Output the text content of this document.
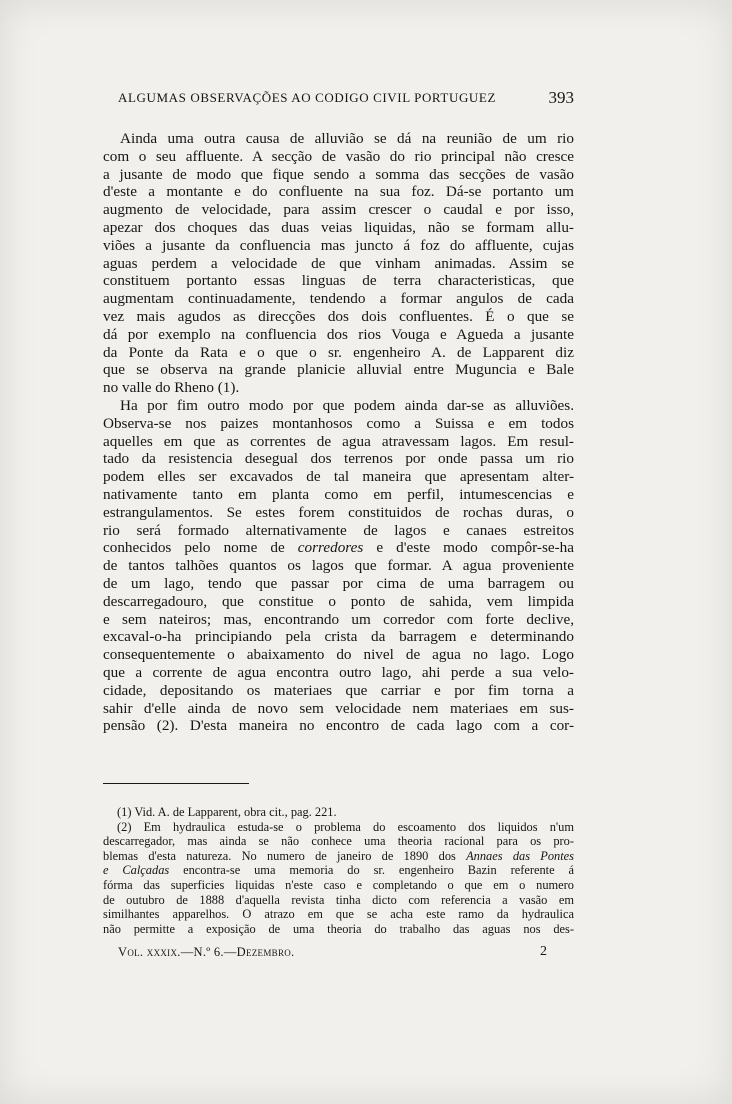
ALGUMAS OBSERVAÇÕES AO CODIGO CIVIL PORTUGUEZ	393
Ainda uma outra causa de alluvião se dá na reunião de um rio
com o seu affluente. A secção de vasão do rio principal não cresce
a jusante de modo que fique sendo a somma das secções de vasão
d'este a montante e do confluente na sua foz. Dá-se portanto um
augmento de velocidade, para assim crescer o caudal e por isso,
apezar dos choques das duas veias liquidas, não se formam allu-
viões a jusante da confluencia mas juncto á foz do affluente, cujas
aguas perdem a velocidade de que vinham animadas. Assim se
constituem portanto essas linguas de terra characteristicas, que
augmentam continuadamente, tendendo a formar angulos de cada
vez mais agudos as direcções dos dois confluentes. É o que se
dá por exemplo na confluencia dos rios Vouga e Agueda a jusante
da Ponte da Rata e o que o sr. engenheiro A. de Lapparent diz
que se observa na grande planicie alluvial entre Muguncia e Bale
no valle do Rheno (1).
Ha por fim outro modo por que podem ainda dar-se as alluviões.
Observa-se nos paizes montanhosos como a Suissa e em todos
aquelles em que as correntes de agua atravessam lagos. Em resul-
tado da resistencia desegual dos terrenos por onde passa um rio
podem elles ser excavados de tal maneira que apresentam alter-
nativamente tanto em planta como em perfil, intumescencias e
estrangulamentos. Se estes forem constituidos de rochas duras, o
rio será formado alternativamente de lagos e canaes estreitos
conhecidos pelo nome de corredores e d'este modo compôr-se-ha
de tantos talhões quantos os lagos que formar. A agua proveniente
de um lago, tendo que passar por cima de uma barragem ou
descarregadouro, que constitue o ponto de sahida, vem limpida
e sem nateiros; mas, encontrando um corredor com forte declive,
excaval-o-ha principiando pela crista da barragem e determinando
consequentemente o abaixamento do nivel de agua no lago. Logo
que a corrente de agua encontra outro lago, ahi perde a sua velo-
cidade, depositando os materiaes que carriar e por fim torna a
sahir d'elle ainda de novo sem velocidade nem materiaes em sus-
pensão (2). D'esta maneira no encontro de cada lago com a cor-
(1) Vid. A. de Lapparent, obra cit., pag. 221.
(2) Em hydraulica estuda-se o problema do escoamento dos liquidos n'um
descarregador, mas ainda se não conhece uma theoria racional para os pro-
blemas d'esta natureza. No numero de janeiro de 1890 dos Annaes das Pontes
e Calçadas encontra-se uma memoria do sr. engenheiro Bazin referente á
fórma das superficies liquidas n'este caso e completando o que em o numero
de outubro de 1888 d'aquella revista tinha dicto com referencia a vasão em
similhantes apparelhos. O atrazo em que se acha este ramo da hydraulica
não permitte a exposição de uma theoria do trabalho das aguas nos des-
Vol. xxxix.—N.º 6.—Dezembro.	2
